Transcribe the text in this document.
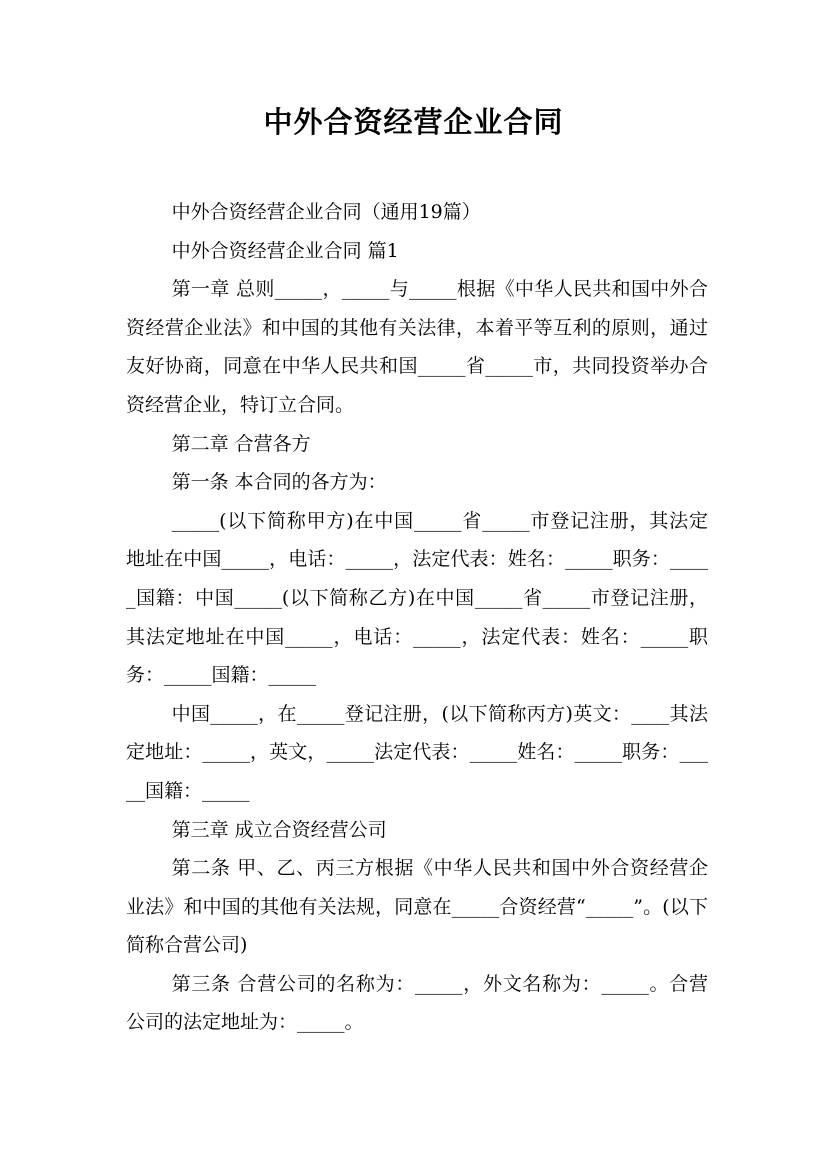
中外合资经营企业合同

中外合资经营企业合同（通用19篇）

中外合资经营企业合同 篇1

第一章 总则_____，_____与_____根据《中华人民共和国中外合资经营企业法》和中国的其他有关法律，本着平等互利的原则，通过友好协商，同意在中华人民共和国_____省_____市，共同投资举办合资经营企业，特订立合同。

第二章 合营各方

第一条 本合同的各方为：

_____(以下简称甲方)在中国_____省_____市登记注册，其法定地址在中国_____，电话：_____，法定代表：姓名：_____职务：_____国籍：中国_____(以下简称乙方)在中国_____省_____市登记注册，其法定地址在中国_____，电话：_____，法定代表：姓名：_____职务：_____国籍：_____

中国_____，在_____登记注册，(以下简称丙方)英文：____其法定地址：_____，英文，_____法定代表：_____姓名：_____职务：_____国籍：_____

第三章 成立合资经营公司

第二条 甲、乙、丙三方根据《中华人民共和国中外合资经营企业法》和中国的其他有关法规，同意在_____合资经营“_____”。(以下简称合营公司)

第三条 合营公司的名称为：_____，外文名称为：_____。合营公司的法定地址为：_____。
